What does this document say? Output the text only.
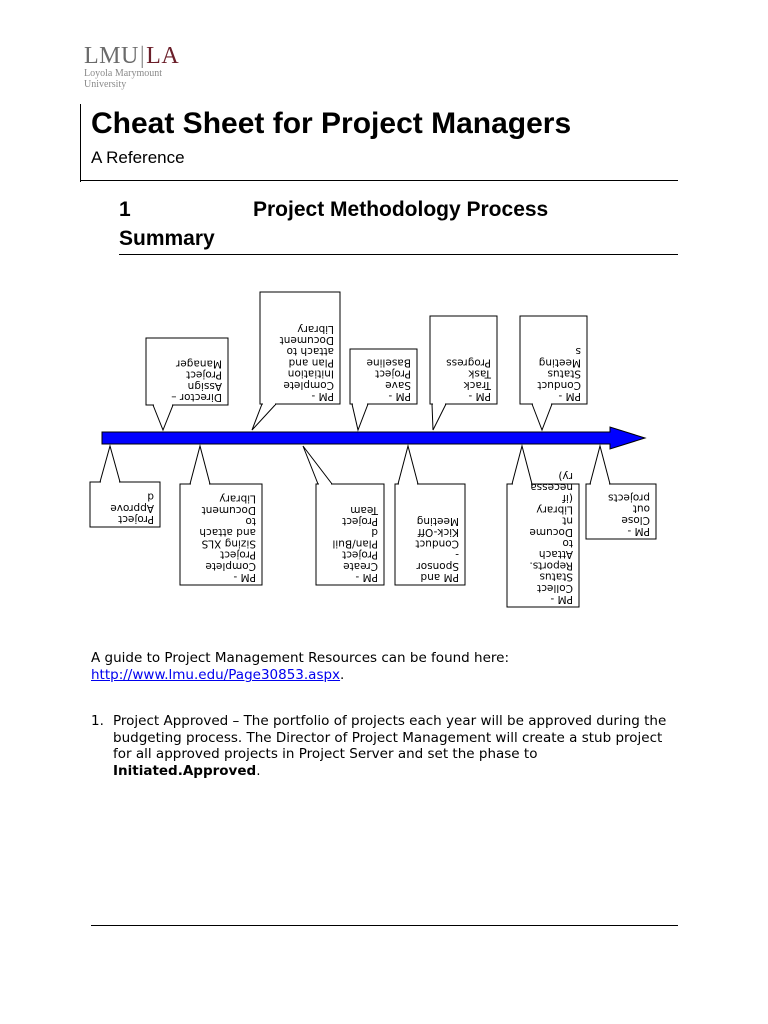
LMU|LA
Loyola Marymount
University
Cheat Sheet for Project Managers
A Reference
1	Project Methodology Process
Summary
Director –AssignProjectManager
PM -CompleteInitiationPlan andattach toDocumentLibrary
PM -SaveProjectBaseline
PM -TrackTaskProgress
PM -ConductStatusMeetings
ProjectApproved
PM -CompleteProjectSizing XLSand attachtoDocumentLibrary
PM -CreateProjectPlan/BuildProjectTeam
PM andSponsor-ConductKick-OffMeeting
PM -CollectStatusReports.AttachtoDocumentLibrary(ifnecessary)
PM -Closeoutprojects
A guide to Project Management Resources can be found here:
http://www.lmu.edu/Page30853.aspx.
1. Project Approved – The portfolio of projects each year will be approved during the budgeting process. The Director of Project Management will create a stub project for all approved projects in Project Server and set the phase to Initiated.Approved.
